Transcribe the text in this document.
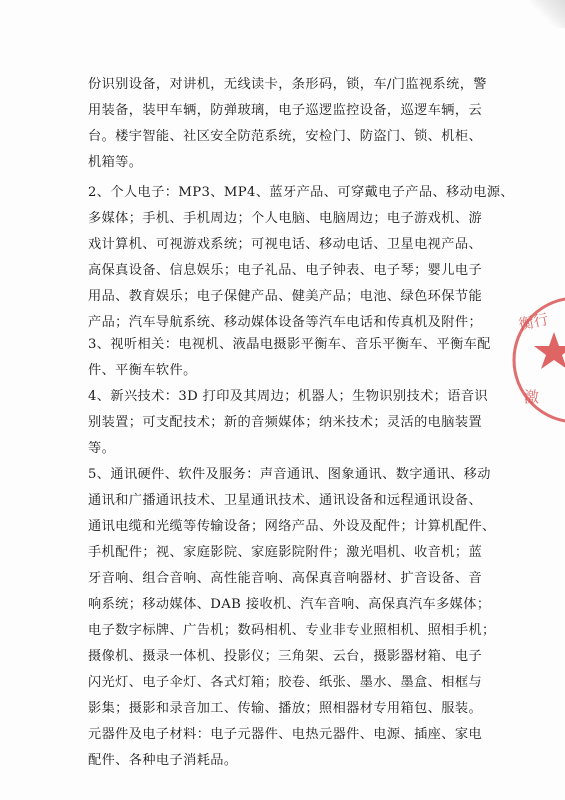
份识别设备，对讲机，无线读卡，条形码，锁，车/门监视系统，警
用装备，装甲车辆，防弹玻璃，电子巡逻监控设备，巡逻车辆，云
台。楼宇智能、社区安全防范系统，安检门、防盗门、锁、机柜、
机箱等。
2、个人电子：MP3、MP4、蓝牙产品、可穿戴电子产品、移动电源、
多媒体；手机、手机周边；个人电脑、电脑周边；电子游戏机、游
戏计算机、可视游戏系统；可视电话、移动电话、卫星电视产品、
高保真设备、信息娱乐；电子礼品、电子钟表、电子琴；婴儿电子
用品、教育娱乐；电子保健产品、健美产品；电池、绿色环保节能
产品；汽车导航系统、移动媒体设备等汽车电话和传真机及附件；
3、视听相关：电视机、液晶电摄影平衡车、音乐平衡车、平衡车配
件、平衡车软件。
4、新兴技术：3D 打印及其周边；机器人；生物识别技术；语音识
别装置；可支配技术；新的音频媒体；纳米技术；灵活的电脑装置
等。
5、通讯硬件、软件及服务：声音通讯、图象通讯、数字通讯、移动
通讯和广播通讯技术、卫星通讯技术、通讯设备和远程通讯设备、
通讯电缆和光缆等传输设备；网络产品、外设及配件；计算机配件、
手机配件；视、家庭影院、家庭影院附件；激光唱机、收音机；蓝
牙音响、组合音响、高性能音响、高保真音响器材、扩音设备、音
响系统；移动媒体、DAB 接收机、汽车音响、高保真汽车多媒体；
电子数字标牌、广告机；数码相机、专业非专业照相机、照相手机；
摄像机、摄录一体机、投影仪；三角架、云台，摄影器材箱、电子
闪光灯、电子伞灯、各式灯箱；胶卷、纸张、墨水、墨盒、相框与
影集；摄影和录音加工、传输、播放；照相器材专用箱包、服装。
元器件及电子材料：电子元器件、电热元器件、电源、插座、家电
配件、各种电子消耗品。
衡行
激
